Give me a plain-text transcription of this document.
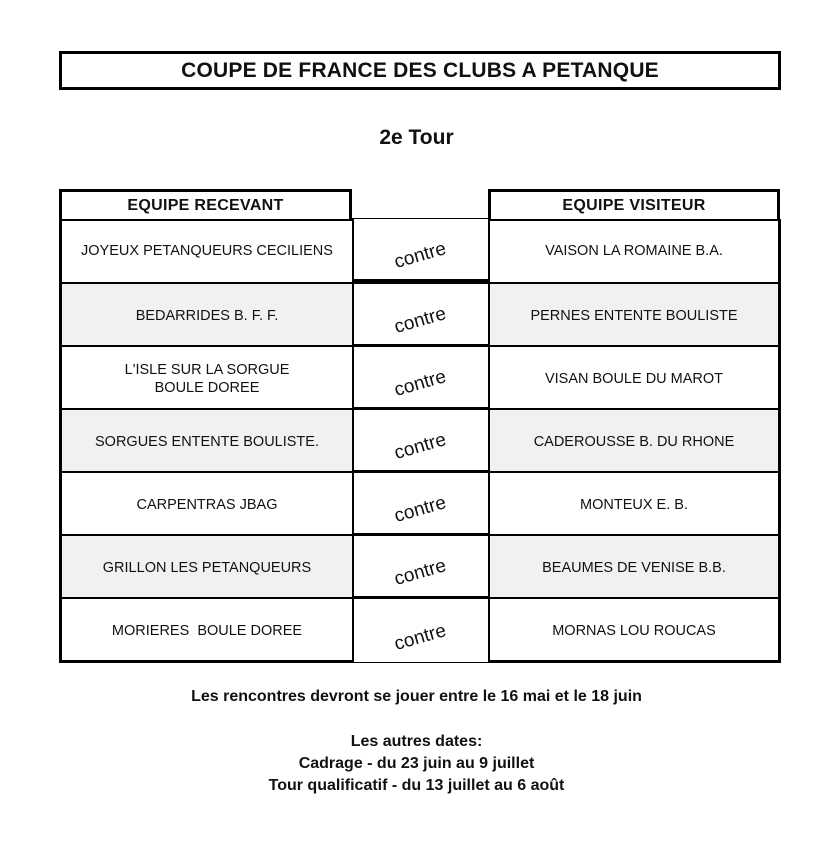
COUPE DE FRANCE DES CLUBS A PETANQUE
2e Tour
EQUIPE RECEVANT	EQUIPE VISITEUR
JOYEUX PETANQUEURS CECILIENS	contre	VAISON LA ROMAINE B.A.
BEDARRIDES B. F. F.	contre	PERNES ENTENTE BOULISTE
L'ISLE SUR LA SORGUE
BOULE DOREE	contre	VISAN BOULE DU MAROT
SORGUES ENTENTE BOULISTE.	contre	CADEROUSSE B. DU RHONE
CARPENTRAS JBAG	contre	MONTEUX E. B.
GRILLON LES PETANQUEURS	contre	BEAUMES DE VENISE B.B.
MORIERES  BOULE DOREE	contre	MORNAS LOU ROUCAS
Les rencontres devront se jouer entre le 16 mai et le 18 juin
Les autres dates:
Cadrage - du 23 juin au 9 juillet
Tour qualificatif - du 13 juillet au 6 août
